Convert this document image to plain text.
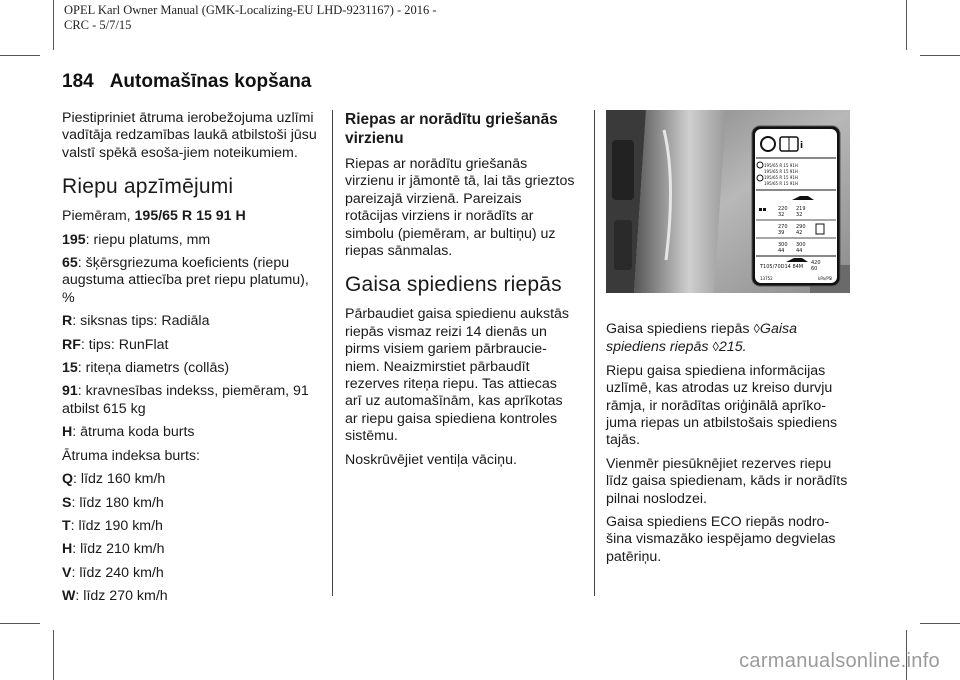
OPEL Karl Owner Manual (GMK-Localizing-EU LHD-9231167) - 2016 -
CRC - 5/7/15
184 Automašīnas kopšana

Piestipriniet ātruma ierobežojuma uzlīmi vadītāja redzamības laukā atbilstoši jūsu valstī spēkā esoša-jiem noteikumiem.

Riepu apzīmējumi

Piemēram, 195/65 R 15 91 H

195: riepu platums, mm

65: šķērsgriezuma koeficients (riepu augstuma attiecība pret riepu platumu), %

R: siksnas tips: Radiāla

RF: tips: RunFlat

15: riteņa diametrs (collās)

91: kravnesības indekss, piemēram, 91 atbilst 615 kg

H: ātruma koda burts

Ātruma indeksa burts:

Q: līdz 160 km/h

S: līdz 180 km/h

T: līdz 190 km/h

H: līdz 210 km/h

V: līdz 240 km/h

W: līdz 270 km/h

Riepas ar norādītu griešanās virzienu

Riepas ar norādītu griešanās virzienu ir jāmontē tā, lai tās grieztos pareizajā virzienā. Pareizais rotācijas virziens ir norādīts ar simbolu (piemēram, ar bultiņu) uz riepas sānmalas.

Gaisa spiediens riepās

Pārbaudiet gaisa spiedienu aukstās riepās vismaz reizi 14 dienās un pirms visiem gariem pārbraucie-niem. Neaizmirstiet pārbaudīt rezerves riteņa riepu. Tas attiecas arī uz automašīnām, kas aprīkotas ar riepu gaisa spiediena kontroles sistēmu.

Noskrūvējiet ventiļa vāciņu.

i
195/65 R 15 91H
195/65 R 15 91H
195/65 R 15 91H
195/65 R 15 91H
220 219
32 32
270 290
39 42
300 300
44 44
T105/70D14 84M
420
60
13752	kPa/PSI

Gaisa spiediens riepās ◊Gaisa spiediens riepās ◊215.

Riepu gaisa spiediena informācijas uzlīmē, kas atrodas uz kreiso durvju rāmja, ir norādītas oriģinālā aprīko-juma riepas un atbilstošais spiediens tajās.

Vienmēr piesūknējiet rezerves riepu līdz gaisa spiedienam, kāds ir norādīts pilnai noslodzei.

Gaisa spiediens ECO riepās nodro-šina vismazāko iespējamo degvielas patēriņu.

carmanualsonline.info
